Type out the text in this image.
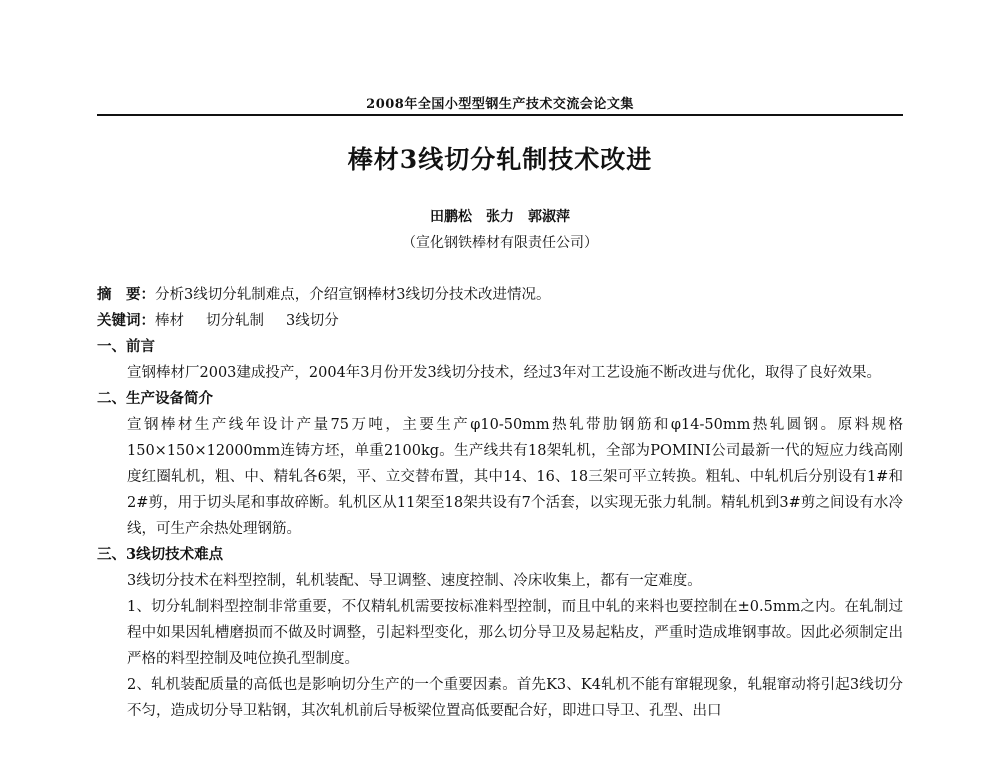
2008年全国小型型钢生产技术交流会论文集
棒材3线切分轧制技术改进
田鹏松　张力　郭淑萍
（宣化钢铁棒材有限责任公司）
摘　要：分析3线切分轧制难点，介绍宣钢棒材3线切分技术改进情况。
关键词：棒材 切分轧制 3线切分
一、前言
宣钢棒材厂2003建成投产，2004年3月份开发3线切分技术，经过3年对工艺设施不断改进与优化，取得了良好效果。
二、生产设备简介
宣钢棒材生产线年设计产量75万吨，主要生产φ10-50mm热轧带肋钢筋和φ14-50mm热轧圆钢。原料规格150×150×12000mm连铸方坯，单重2100kg。生产线共有18架轧机，全部为POMINI公司最新一代的短应力线高刚度红圈轧机，粗、中、精轧各6架，平、立交替布置，其中14、16、18三架可平立转换。粗轧、中轧机后分别设有1#和2#剪，用于切头尾和事故碎断。轧机区从11架至18架共设有7个活套，以实现无张力轧制。精轧机到3#剪之间设有水冷线，可生产余热处理钢筋。
三、3线切技术难点
3线切分技术在料型控制，轧机装配、导卫调整、速度控制、冷床收集上，都有一定难度。
1、切分轧制料型控制非常重要，不仅精轧机需要按标准料型控制，而且中轧的来料也要控制在±0.5mm之内。在轧制过程中如果因轧槽磨损而不做及时调整，引起料型变化，那么切分导卫及易起粘皮，严重时造成堆钢事故。因此必须制定出严格的料型控制及吨位换孔型制度。
2、轧机装配质量的高低也是影响切分生产的一个重要因素。首先K3、K4轧机不能有窜辊现象，轧辊窜动将引起3线切分不匀，造成切分导卫粘钢，其次轧机前后导板梁位置高低要配合好，即进口导卫、孔型、出口
